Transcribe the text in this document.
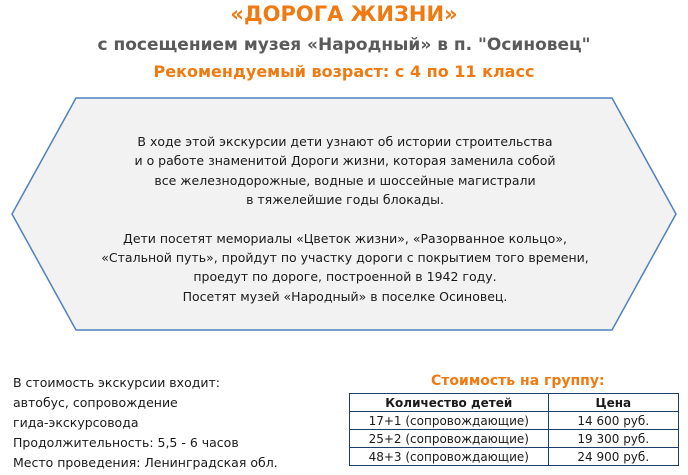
«ДОРОГА ЖИЗНИ»
с посещением музея «Народный» в п. "Осиновец"
Рекомендуемый возраст: с 4 по 11 класс
В ходе этой экскурсии дети узнают об истории строительства
и о работе знаменитой Дороги жизни, которая заменила собой
все железнодорожные, водные и шоссейные магистрали
в тяжелейшие годы блокады.
Дети посетят мемориалы «Цветок жизни», «Разорванное кольцо»,
«Стальной путь», пройдут по участку дороги с покрытием того времени,
проедут по дороге, построенной в 1942 году.
Посетят музей «Народный» в поселке Осиновец.
В стоимость экскурсии входит:
автобус, сопровождение
гида-экскурсовода
Продолжительность: 5,5 - 6 часов
Место проведения: Ленинградская обл.
Стоимость на группу:
Количество детей	Цена
17+1 (сопровождающие)	14 600 руб.
25+2 (сопровождающие)	19 300 руб.
48+3 (сопровождающие)	24 900 руб.
